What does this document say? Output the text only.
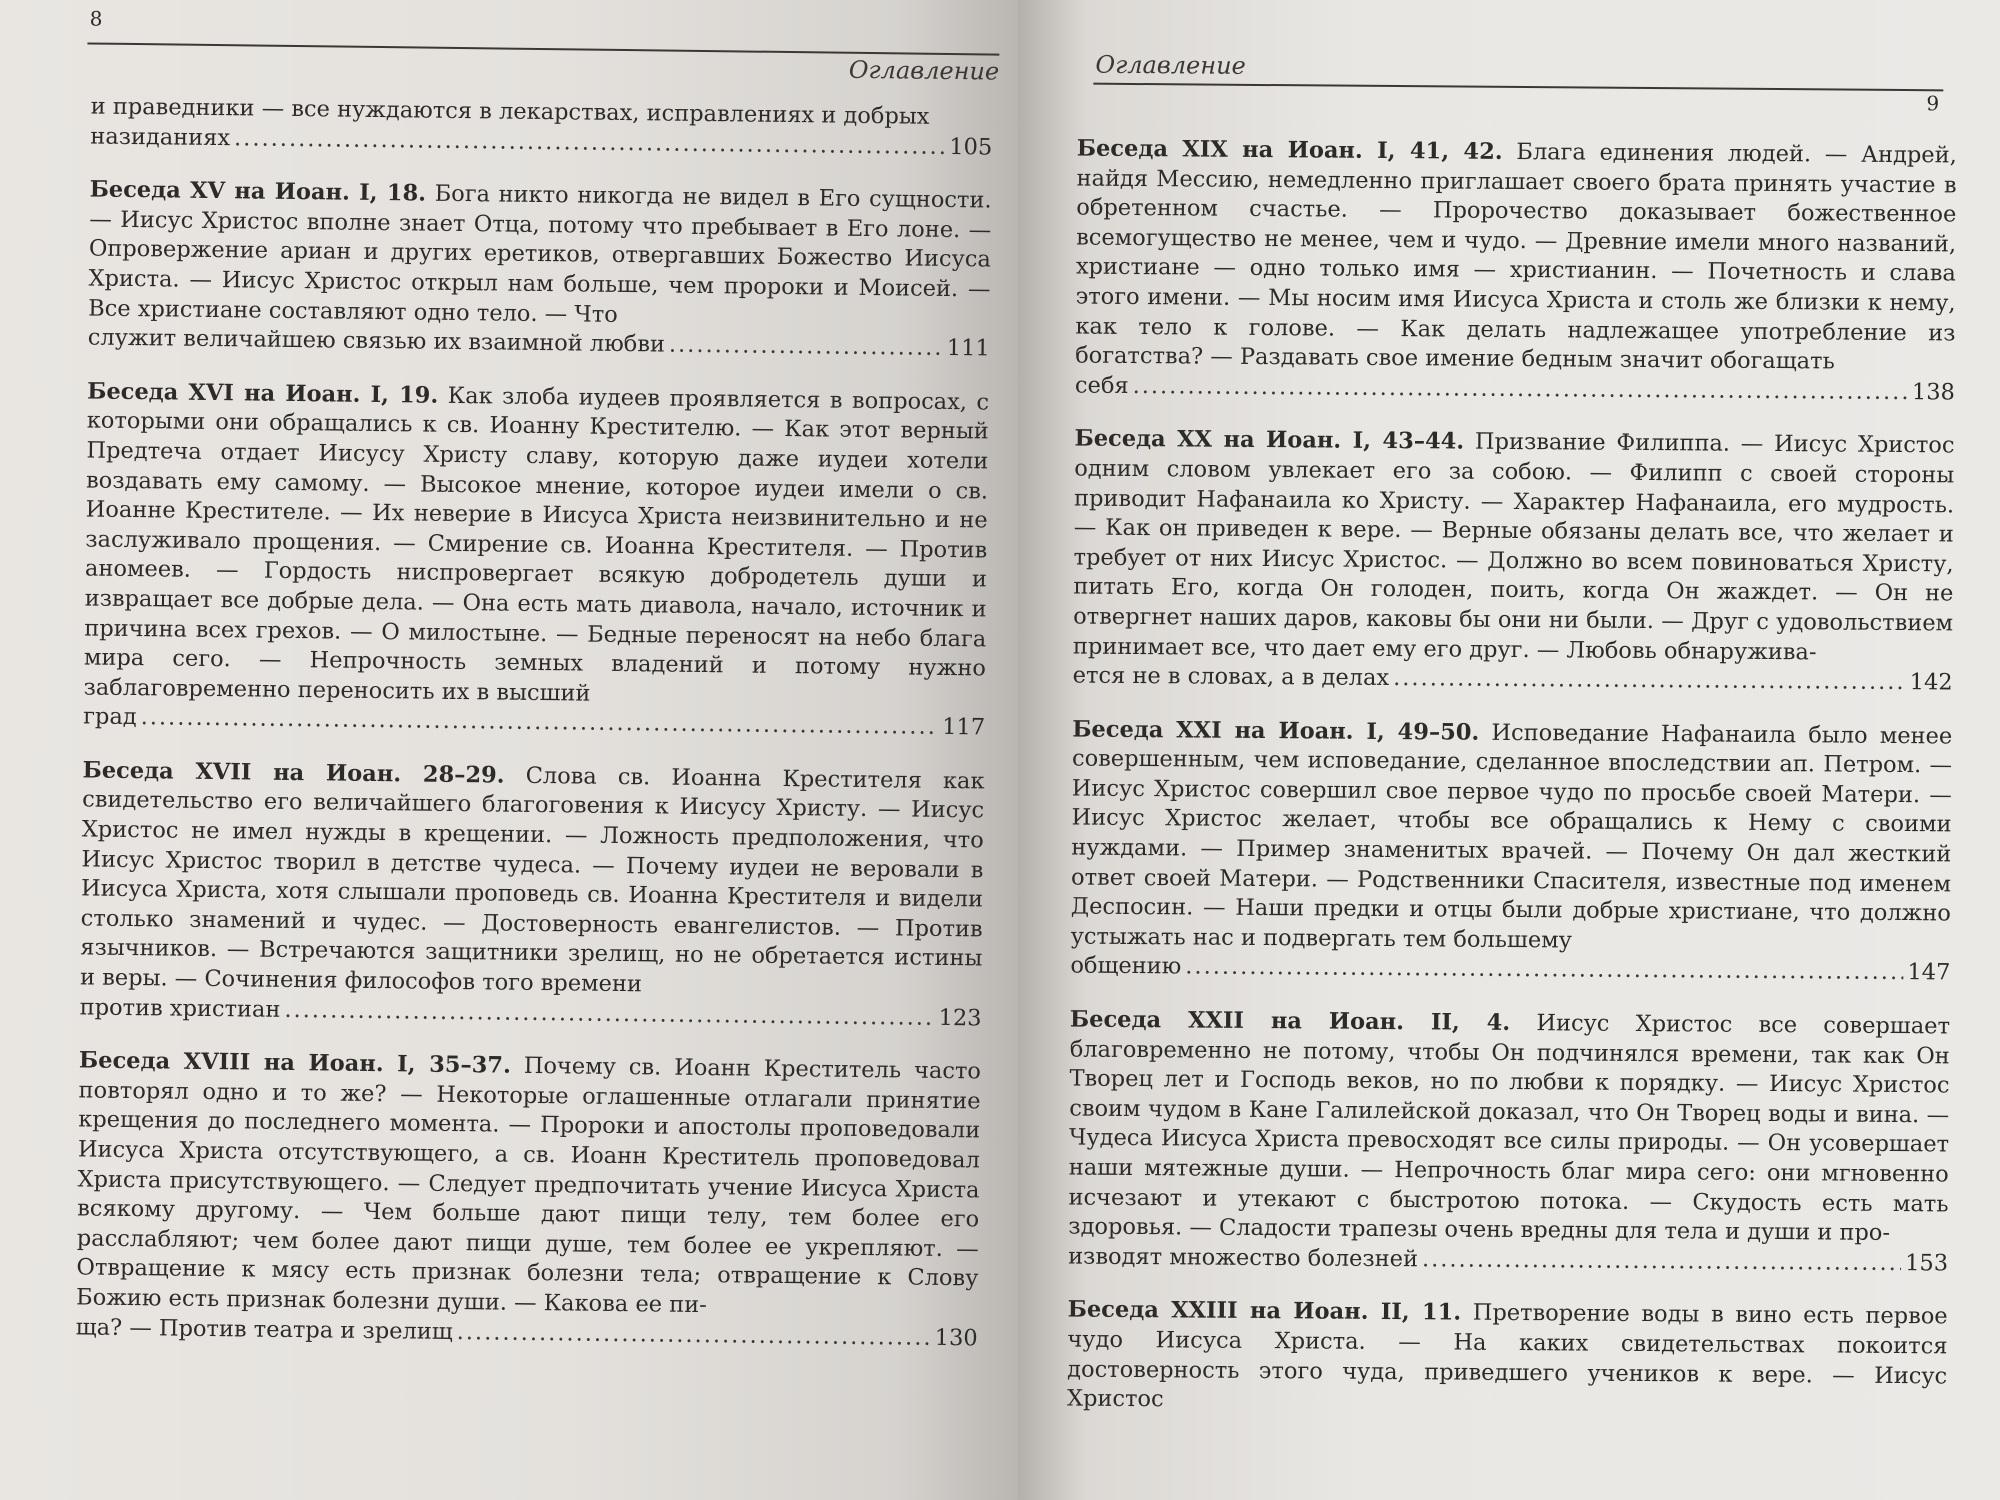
8
Оглавление
и праведники — все нуждаются в лекарствах, исправлениях и добрых
назиданиях .....	105
Беседа XV на Иоан. I, 18. Бога никто никогда не видел в Его сущности. — Иисус Христос вполне знает Отца, потому что пребывает в Его лоне. — Опровержение ариан и других еретиков, отвергавших Божество Иисуса Христа. — Иисус Христос открыл нам больше, чем пророки и Моисей. — Все христиане составляют одно тело. — Что
служит величайшею связью их взаимной любви .....	111
Беседа XVI на Иоан. I, 19. Как злоба иудеев проявляется в вопросах, с которыми они обращались к св. Иоанну Крестителю. — Как этот верный Предтеча отдает Иисусу Христу славу, которую даже иудеи хотели воздавать ему самому. — Высокое мнение, которое иудеи имели о св. Иоанне Крестителе. — Их неверие в Иисуса Христа неизвинительно и не заслуживало прощения. — Смирение св. Иоанна Крестителя. — Против аномеев. — Гордость ниспровергает всякую добродетель души и извращает все добрые дела. — Она есть мать диавола, начало, источник и причина всех грехов. — О милостыне. — Бедные переносят на небо блага мира сего. — Непрочность земных владений и потому нужно заблаговременно переносить их в высший
град .....	117
Беседа XVII на Иоан. 28–29. Слова св. Иоанна Крестителя как свидетельство его величайшего благоговения к Иисусу Христу. — Иисус Христос не имел нужды в крещении. — Ложность предположения, что Иисус Христос творил в детстве чудеса. — Почему иудеи не веровали в Иисуса Христа, хотя слышали проповедь св. Иоанна Крестителя и видели столько знамений и чудес. — Достоверность евангелистов. — Против язычников. — Встречаются защитники зрелищ, но не обретается истины и веры. — Сочинения философов того времени
против христиан .....	123
Беседа XVIII на Иоан. I, 35–37. Почему св. Иоанн Креститель часто повторял одно и то же? — Некоторые оглашенные отлагали принятие крещения до последнего момента. — Пророки и апостолы проповедовали Иисуса Христа отсутствующего, а св. Иоанн Креститель проповедовал Христа присутствующего. — Следует предпочитать учение Иисуса Христа всякому другому. — Чем больше дают пищи телу, тем более его расслабляют; чем более дают пищи душе, тем более ее укрепляют. — Отвращение к мясу есть признак болезни тела; отвращение к Слову Божию есть признак болезни души. — Какова ее пи-
ща? — Против театра и зрелищ .....	130
Оглавление
9
Беседа XIX на Иоан. I, 41, 42. Блага единения людей. — Андрей, найдя Мессию, немедленно приглашает своего брата принять участие в обретенном счастье. — Пророчество доказывает божественное всемогущество не менее, чем и чудо. — Древние имели много названий, христиане — одно только имя — христианин. — Почетность и слава этого имени. — Мы носим имя Иисуса Христа и столь же близки к нему, как тело к голове. — Как делать надлежащее употребление из богатства? — Раздавать свое имение бедным значит обогащать
себя .....	138
Беседа XX на Иоан. I, 43–44. Призвание Филиппа. — Иисус Христос одним словом увлекает его за собою. — Филипп с своей стороны приводит Нафанаила ко Христу. — Характер Нафанаила, его мудрость. — Как он приведен к вере. — Верные обязаны делать все, что желает и требует от них Иисус Христос. — Должно во всем повиноваться Христу, питать Его, когда Он голоден, поить, когда Он жаждет. — Он не отвергнет наших даров, каковы бы они ни были. — Друг с удовольствием принимает все, что дает ему его друг. — Любовь обнаружива-
ется не в словах, а в делах .....	142
Беседа XXI на Иоан. I, 49–50. Исповедание Нафанаила было менее совершенным, чем исповедание, сделанное впоследствии ап. Петром. — Иисус Христос совершил свое первое чудо по просьбе своей Матери. — Иисус Христос желает, чтобы все обращались к Нему с своими нуждами. — Пример знаменитых врачей. — Почему Он дал жесткий ответ своей Матери. — Родственники Спасителя, известные под именем Деспосин. — Наши предки и отцы были добрые христиане, что должно устыжать нас и подвергать тем большему
общению .....	147
Беседа XXII на Иоан. II, 4. Иисус Христос все совершает благовременно не потому, чтобы Он подчинялся времени, так как Он Творец лет и Господь веков, но по любви к порядку. — Иисус Христос своим чудом в Кане Галилейской доказал, что Он Творец воды и вина. — Чудеса Иисуса Христа превосходят все силы природы. — Он усовершает наши мятежные души. — Непрочность благ мира сего: они мгновенно исчезают и утекают с быстротою потока. — Скудость есть мать здоровья. — Сладости трапезы очень вредны для тела и души и про-
изводят множество болезней .....	153
Беседа XXIII на Иоан. II, 11. Претворение воды в вино есть первое чудо Иисуса Христа. — На каких свидетельствах покоится достоверность этого чуда, приведшего учеников к вере. — Иисус Христос
